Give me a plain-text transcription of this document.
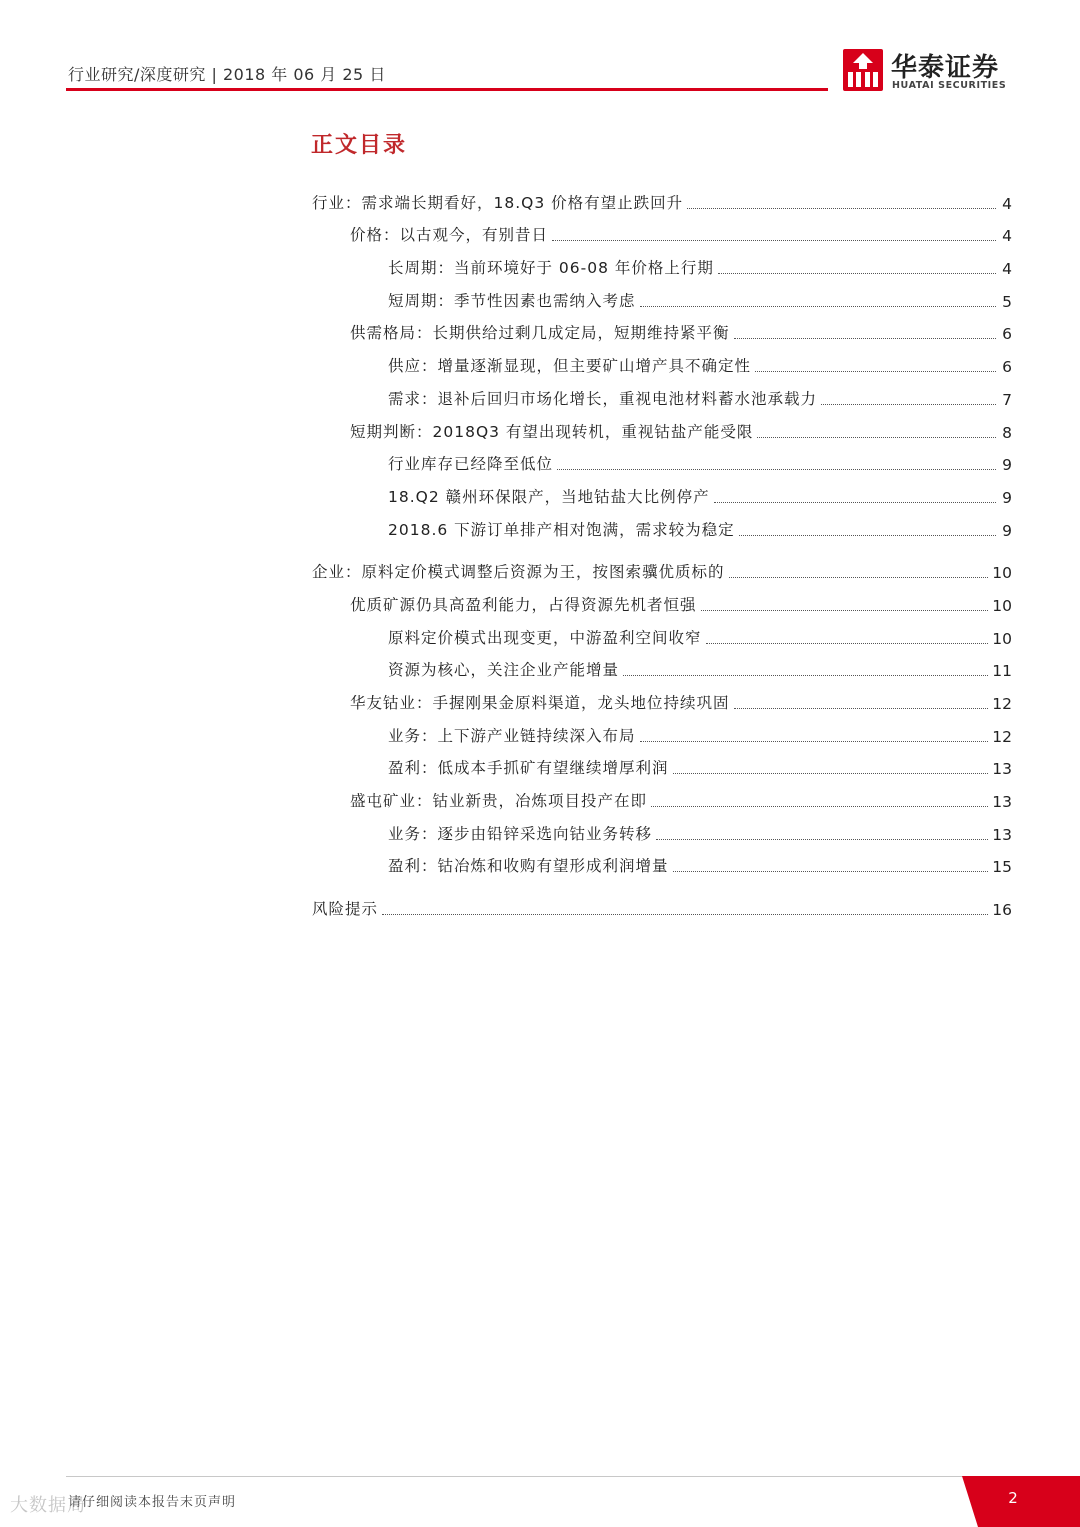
行业研究/深度研究 | 2018 年 06 月 25 日	华泰证券
HUATAI SECURITIES
正文目录
行业：需求端长期看好，18.Q3 价格有望止跌回升	4
价格：以古观今，有别昔日	4
长周期：当前环境好于 06-08 年价格上行期	4
短周期：季节性因素也需纳入考虑	5
供需格局：长期供给过剩几成定局，短期维持紧平衡	6
供应：增量逐渐显现，但主要矿山增产具不确定性	6
需求：退补后回归市场化增长，重视电池材料蓄水池承载力	7
短期判断：2018Q3 有望出现转机，重视钴盐产能受限	8
行业库存已经降至低位	9
18.Q2 赣州环保限产，当地钴盐大比例停产	9
2018.6 下游订单排产相对饱满，需求较为稳定	9
企业：原料定价模式调整后资源为王，按图索骥优质标的	10
优质矿源仍具高盈利能力，占得资源先机者恒强	10
原料定价模式出现变更，中游盈利空间收窄	10
资源为核心，关注企业产能增量	11
华友钴业：手握刚果金原料渠道，龙头地位持续巩固	12
业务：上下游产业链持续深入布局	12
盈利：低成本手抓矿有望继续增厚利润	13
盛屯矿业：钴业新贵，冶炼项目投产在即	13
业务：逐步由铅锌采选向钴业务转移	13
盈利：钴冶炼和收购有望形成利润增量	15
风险提示	16
请仔细阅读本报告末页声明	2
大数据局
